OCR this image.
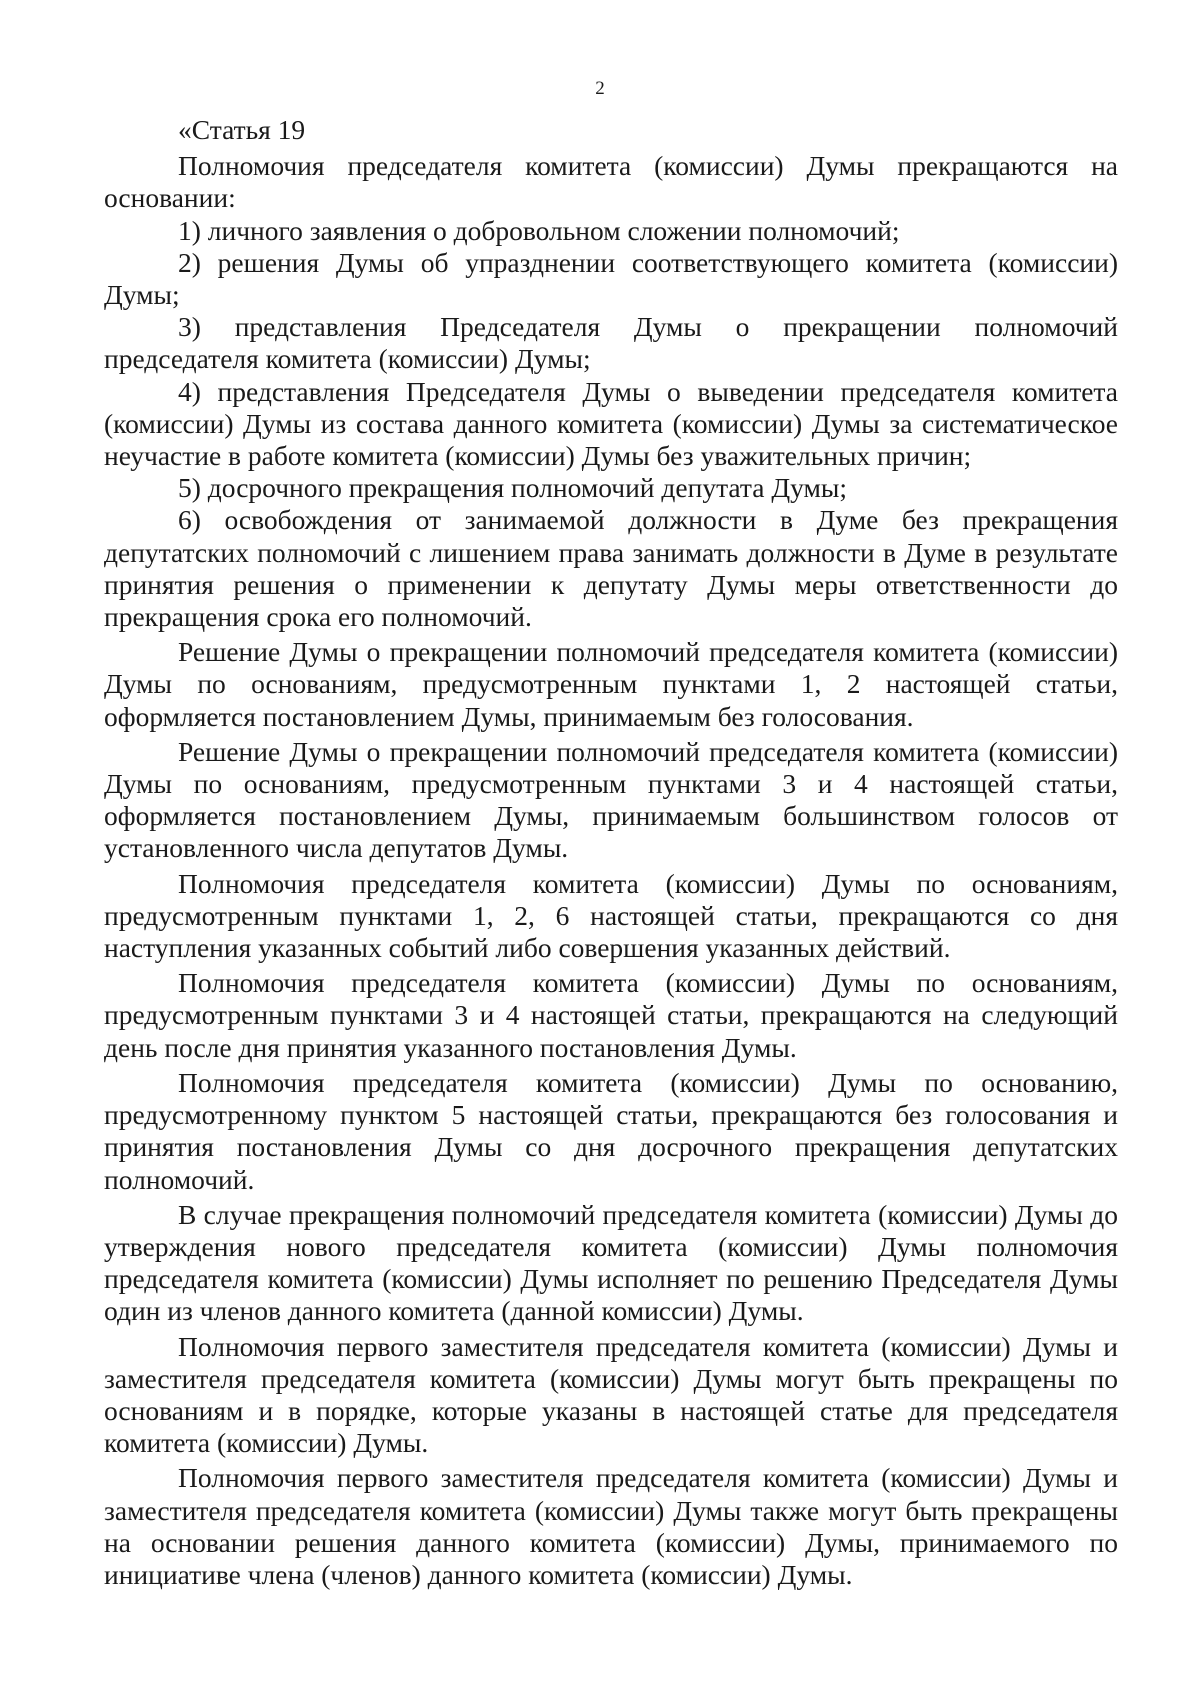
2

«Статья 19

Полномочия председателя комитета (комиссии) Думы прекращаются на основании:

1) личного заявления о добровольном сложении полномочий;

2) решения Думы об упразднении соответствующего комитета (комиссии) Думы;

3) представления Председателя Думы о прекращении полномочий председателя комитета (комиссии) Думы;

4) представления Председателя Думы о выведении председателя комитета (комиссии) Думы из состава данного комитета (комиссии) Думы за систематическое неучастие в работе комитета (комиссии) Думы без уважительных причин;

5) досрочного прекращения полномочий депутата Думы;

6) освобождения от занимаемой должности в Думе без прекращения депутатских полномочий с лишением права занимать должности в Думе в результате принятия решения о применении к депутату Думы меры ответственности до прекращения срока его полномочий.

Решение Думы о прекращении полномочий председателя комитета (комиссии) Думы по основаниям, предусмотренным пунктами 1, 2 настоящей статьи, оформляется постановлением Думы, принимаемым без голосования.

Решение Думы о прекращении полномочий председателя комитета (комиссии) Думы по основаниям, предусмотренным пунктами 3 и 4 настоящей статьи, оформляется постановлением Думы, принимаемым большинством голосов от установленного числа депутатов Думы.

Полномочия председателя комитета (комиссии) Думы по основаниям, предусмотренным пунктами 1, 2, 6 настоящей статьи, прекращаются со дня наступления указанных событий либо совершения указанных действий.

Полномочия председателя комитета (комиссии) Думы по основаниям, предусмотренным пунктами 3 и 4 настоящей статьи, прекращаются на следующий день после дня принятия указанного постановления Думы.

Полномочия председателя комитета (комиссии) Думы по основанию, предусмотренному пунктом 5 настоящей статьи, прекращаются без голосования и принятия постановления Думы со дня досрочного прекращения депутатских полномочий.

В случае прекращения полномочий председателя комитета (комиссии) Думы до утверждения нового председателя комитета (комиссии) Думы полномочия председателя комитета (комиссии) Думы исполняет по решению Председателя Думы один из членов данного комитета (данной комиссии) Думы.

Полномочия первого заместителя председателя комитета (комиссии) Думы и заместителя председателя комитета (комиссии) Думы могут быть прекращены по основаниям и в порядке, которые указаны в настоящей статье для председателя комитета (комиссии) Думы.

Полномочия первого заместителя председателя комитета (комиссии) Думы и заместителя председателя комитета (комиссии) Думы также могут быть прекращены на основании решения данного комитета (комиссии) Думы, принимаемого по инициативе члена (членов) данного комитета (комиссии) Думы.
